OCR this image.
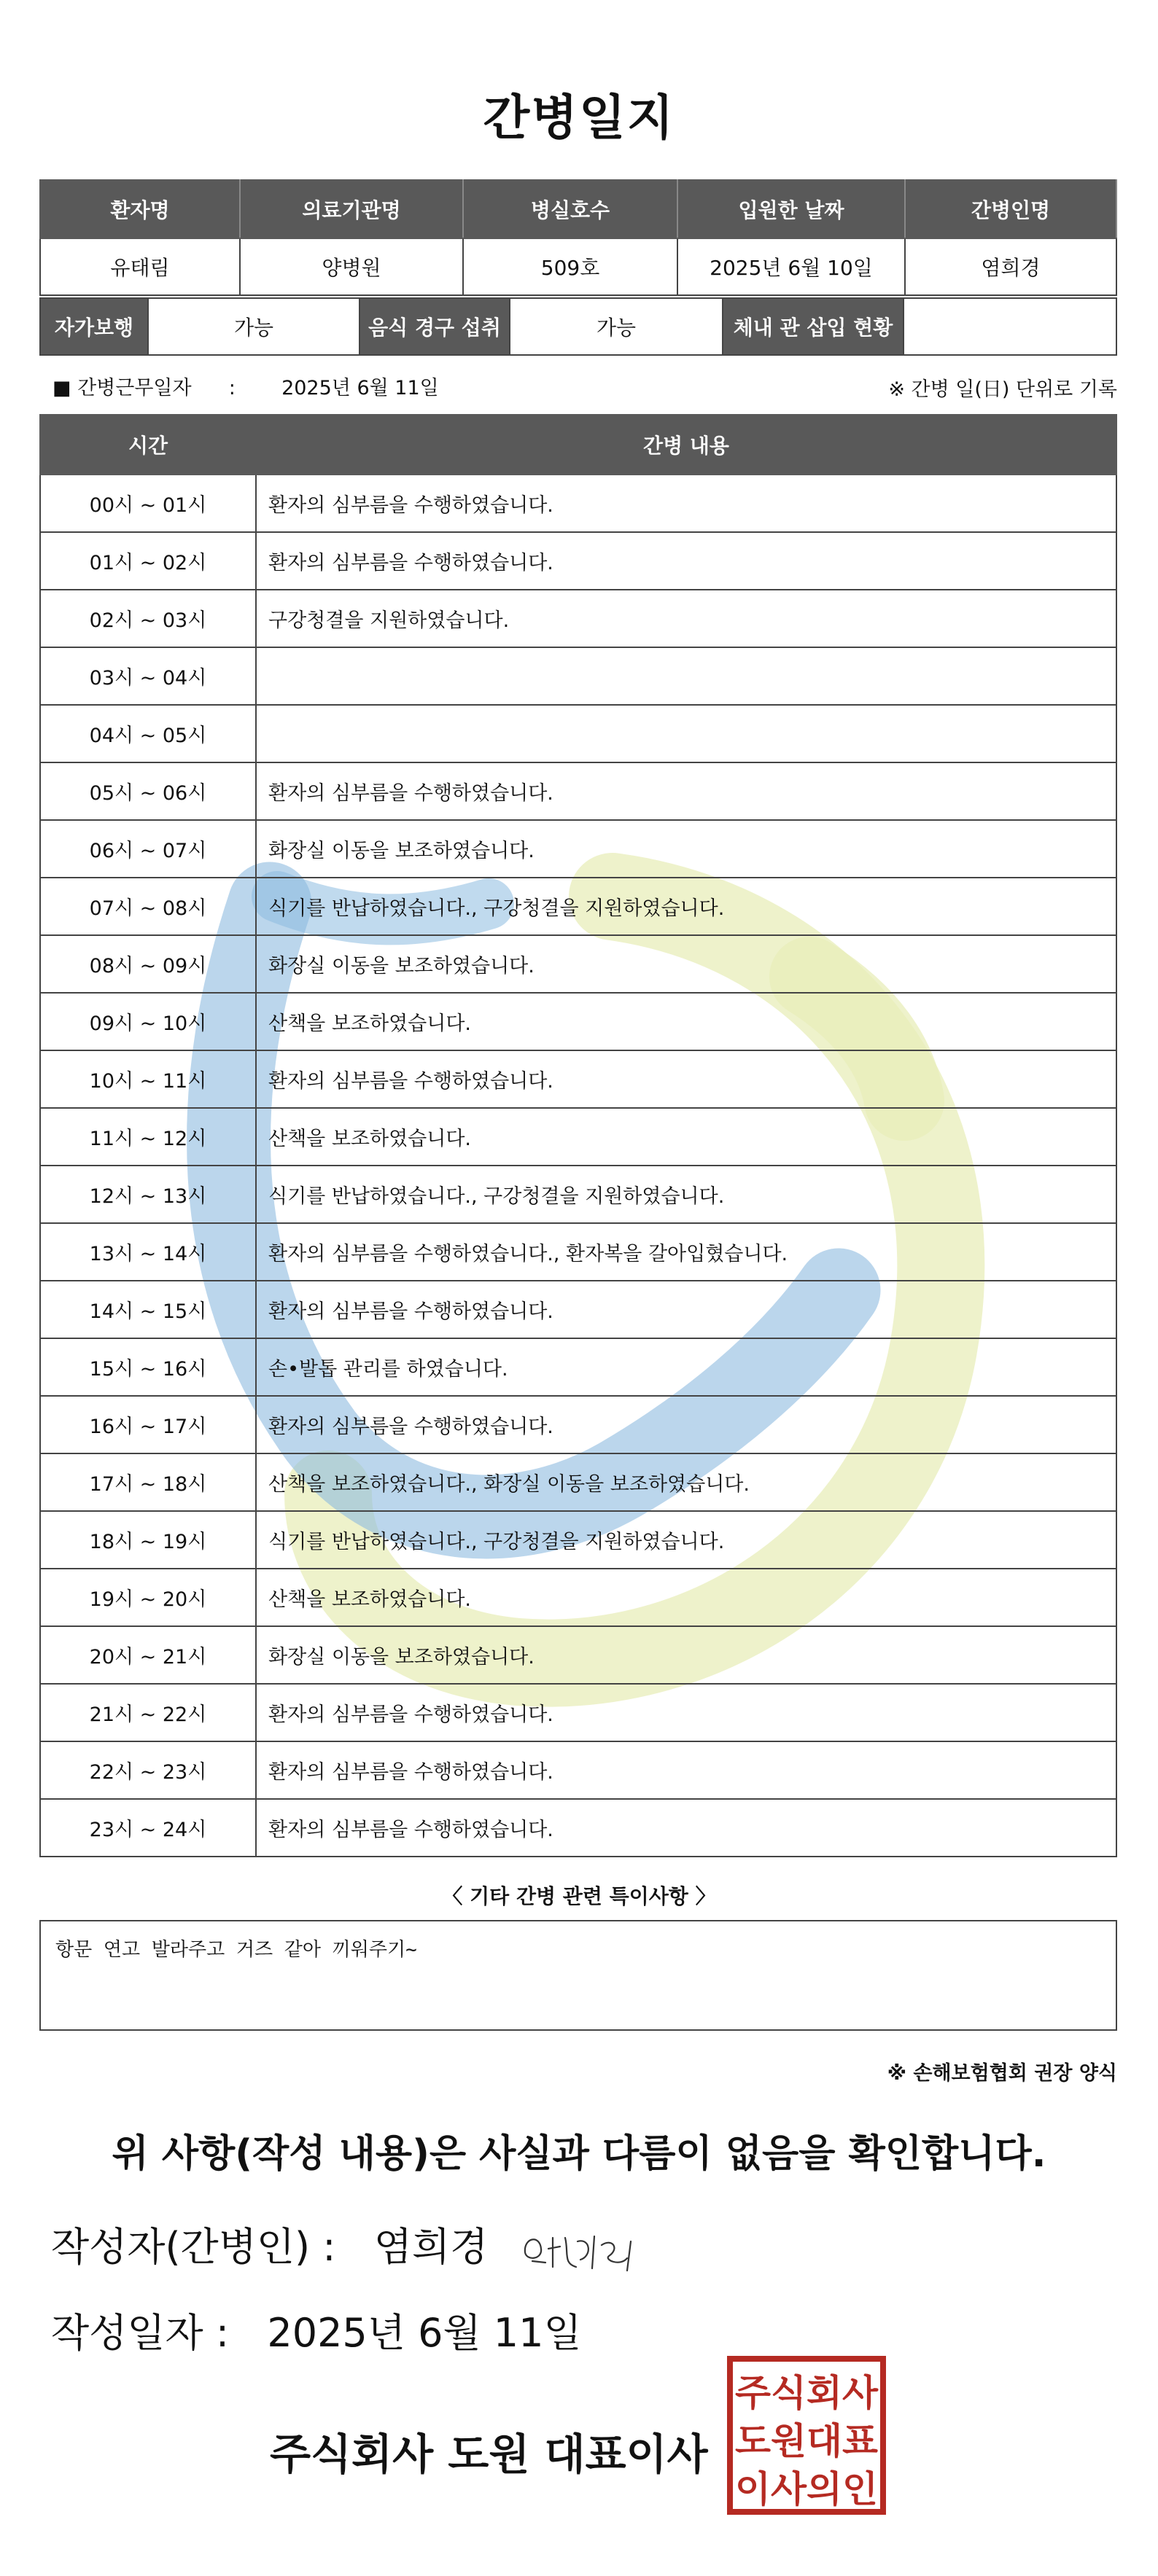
간병일지
환자명	의료기관명	병실호수	입원한 날짜	간병인명
유태림	양병원	509호	2025년 6월 10일	염희경
자가보행	가능	음식 경구 섭취	가능	체내 관 삽입 현황	
■ 간병근무일자 : 2025년 6월 11일	※ 간병 일(日) 단위로 기록
시간	간병 내용
00시 ~ 01시	환자의 심부름을 수행하였습니다.
01시 ~ 02시	환자의 심부름을 수행하였습니다.
02시 ~ 03시	구강청결을 지원하였습니다.
03시 ~ 04시	
04시 ~ 05시	
05시 ~ 06시	환자의 심부름을 수행하였습니다.
06시 ~ 07시	화장실 이동을 보조하였습니다.
07시 ~ 08시	식기를 반납하였습니다., 구강청결을 지원하였습니다.
08시 ~ 09시	화장실 이동을 보조하였습니다.
09시 ~ 10시	산책을 보조하였습니다.
10시 ~ 11시	환자의 심부름을 수행하였습니다.
11시 ~ 12시	산책을 보조하였습니다.
12시 ~ 13시	식기를 반납하였습니다., 구강청결을 지원하였습니다.
13시 ~ 14시	환자의 심부름을 수행하였습니다., 환자복을 갈아입혔습니다.
14시 ~ 15시	환자의 심부름을 수행하였습니다.
15시 ~ 16시	손•발톱 관리를 하였습니다.
16시 ~ 17시	환자의 심부름을 수행하였습니다.
17시 ~ 18시	산책을 보조하였습니다., 화장실 이동을 보조하였습니다.
18시 ~ 19시	식기를 반납하였습니다., 구강청결을 지원하였습니다.
19시 ~ 20시	산책을 보조하였습니다.
20시 ~ 21시	화장실 이동을 보조하였습니다.
21시 ~ 22시	환자의 심부름을 수행하였습니다.
22시 ~ 23시	환자의 심부름을 수행하였습니다.
23시 ~ 24시	환자의 심부름을 수행하였습니다.
〈 기타 간병 관련 특이사항 〉
항문 연고 발라주고 거즈 같아 끼워주기~
※ 손해보험협회 권장 양식
위 사항(작성 내용)은 사실과 다름이 없음을 확인합니다.
작성자(간병인) : 염희경
작성일자 : 2025년 6월 11일
주식회사 도원 대표이사
주식회사
도원대표
이사의인
